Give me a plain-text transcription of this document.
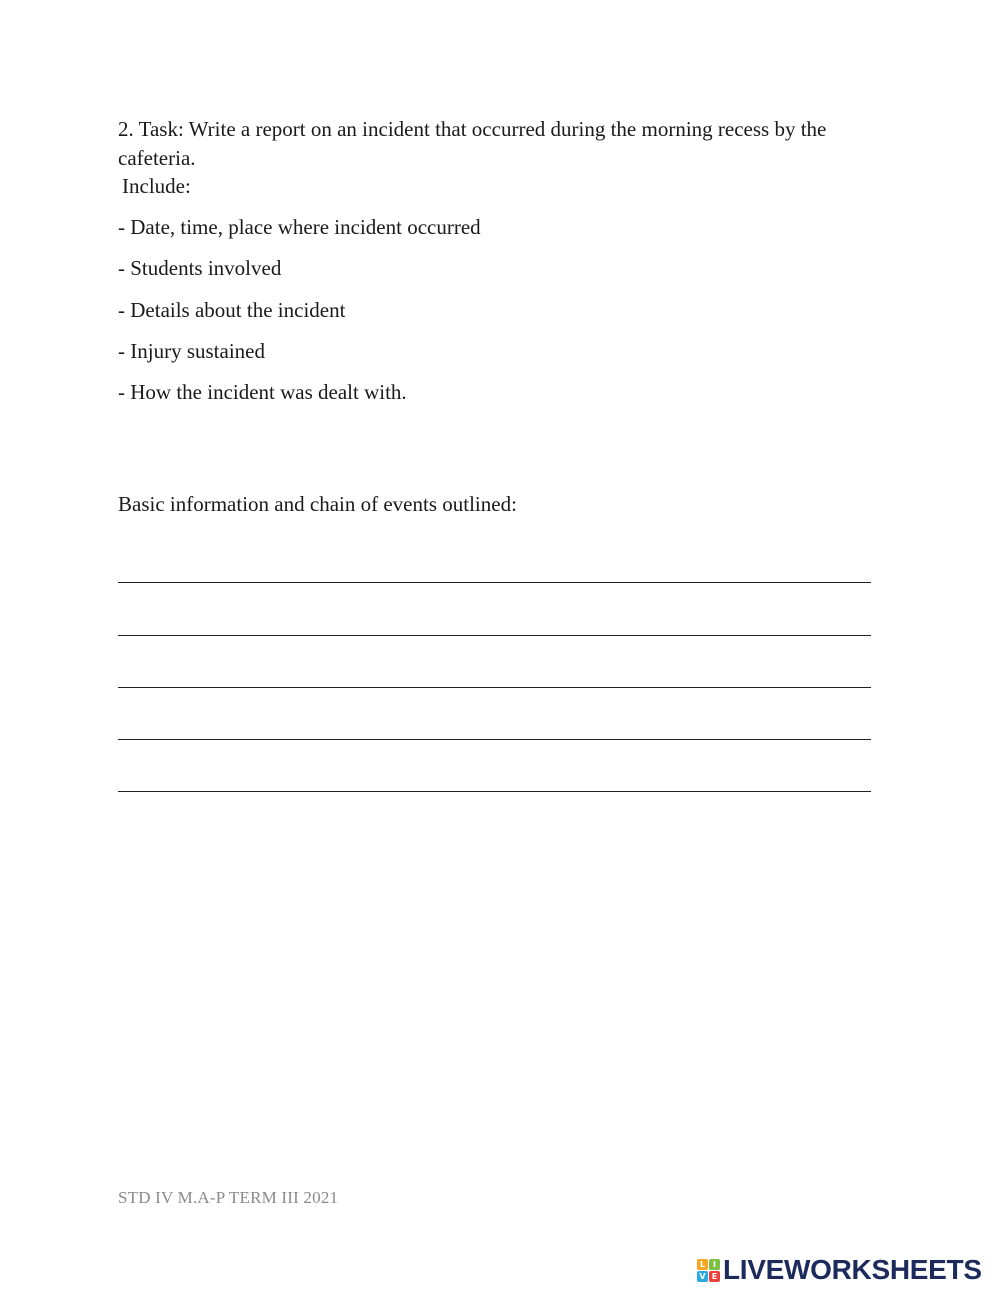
2. Task: Write a report on an incident that occurred during the morning recess by the cafeteria.
Include:
- Date, time, place where incident occurred
- Students involved
- Details about the incident
- Injury sustained
- How the incident was dealt with.
Basic information and chain of events outlined:
STD IV M.A-P TERM III 2021
L I
V E LIVEWORKSHEETS
